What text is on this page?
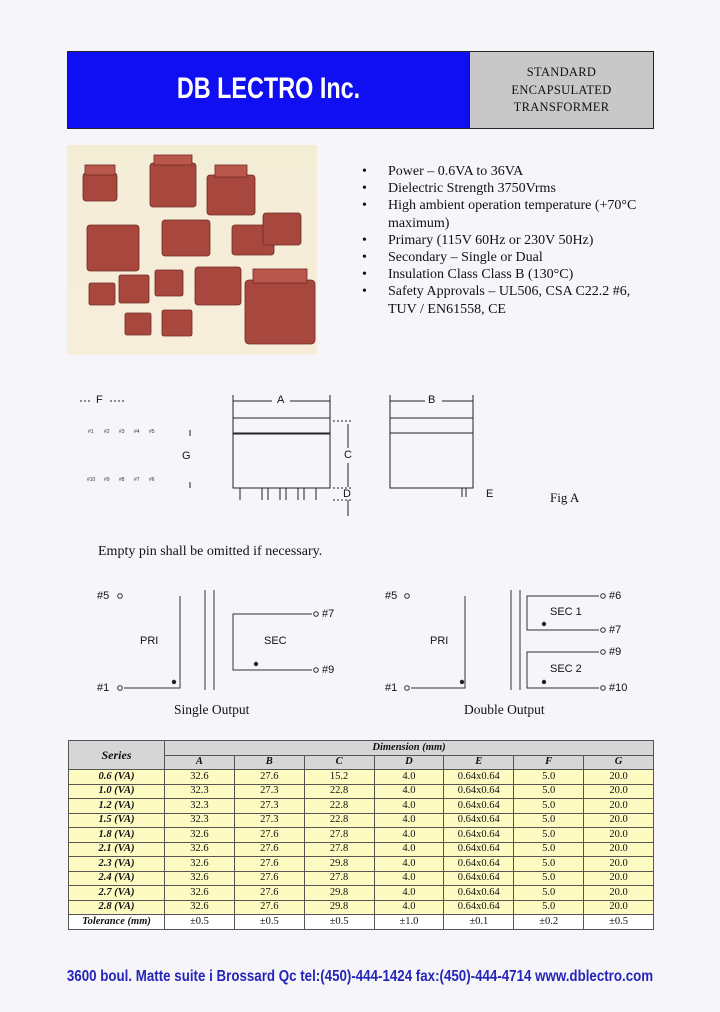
DB LECTRO Inc.	STANDARD
ENCAPSULATED
TRANSFORMER
• Power – 0.6VA to 36VA
• Dielectric Strength 3750Vrms
• High ambient operation temperature (+70°C maximum)
• Primary (115V 60Hz or 230V 50Hz)
• Secondary – Single or Dual
• Insulation Class Class B (130°C)
• Safety Approvals – UL506, CSA C22.2 #6, TUV / EN61558, CE
F
G
A	B
C
D	E	Fig A
#1 #2 #3 #4 #5
#10 #9 #8 #7 #6
Empty pin shall be omitted if necessary.
#5
#1
#7
#9
PRI	SEC
Single Output
#5
#1
#6
#7
#9
#10
PRI
SEC 1
SEC 2
Double Output
Series	Dimension (mm)						
	A	B	C	D	E	F	G
0.6 (VA)	32.6	27.6	15.2	4.0	0.64x0.64	5.0	20.0
1.0 (VA)	32.3	27.3	22.8	4.0	0.64x0.64	5.0	20.0
1.2 (VA)	32.3	27.3	22.8	4.0	0.64x0.64	5.0	20.0
1.5 (VA)	32.3	27.3	22.8	4.0	0.64x0.64	5.0	20.0
1.8 (VA)	32.6	27.6	27.8	4.0	0.64x0.64	5.0	20.0
2.1 (VA)	32.6	27.6	27.8	4.0	0.64x0.64	5.0	20.0
2.3 (VA)	32.6	27.6	29.8	4.0	0.64x0.64	5.0	20.0
2.4 (VA)	32.6	27.6	27.8	4.0	0.64x0.64	5.0	20.0
2.7 (VA)	32.6	27.6	29.8	4.0	0.64x0.64	5.0	20.0
2.8 (VA)	32.6	27.6	29.8	4.0	0.64x0.64	5.0	20.0
Tolerance (mm)	±0.5	±0.5	±0.5	±1.0	±0.1	±0.2	±0.5
3600 boul. Matte suite i Brossard Qc tel:(450)-444-1424 fax:(450)-444-4714 www.dblectro.com
